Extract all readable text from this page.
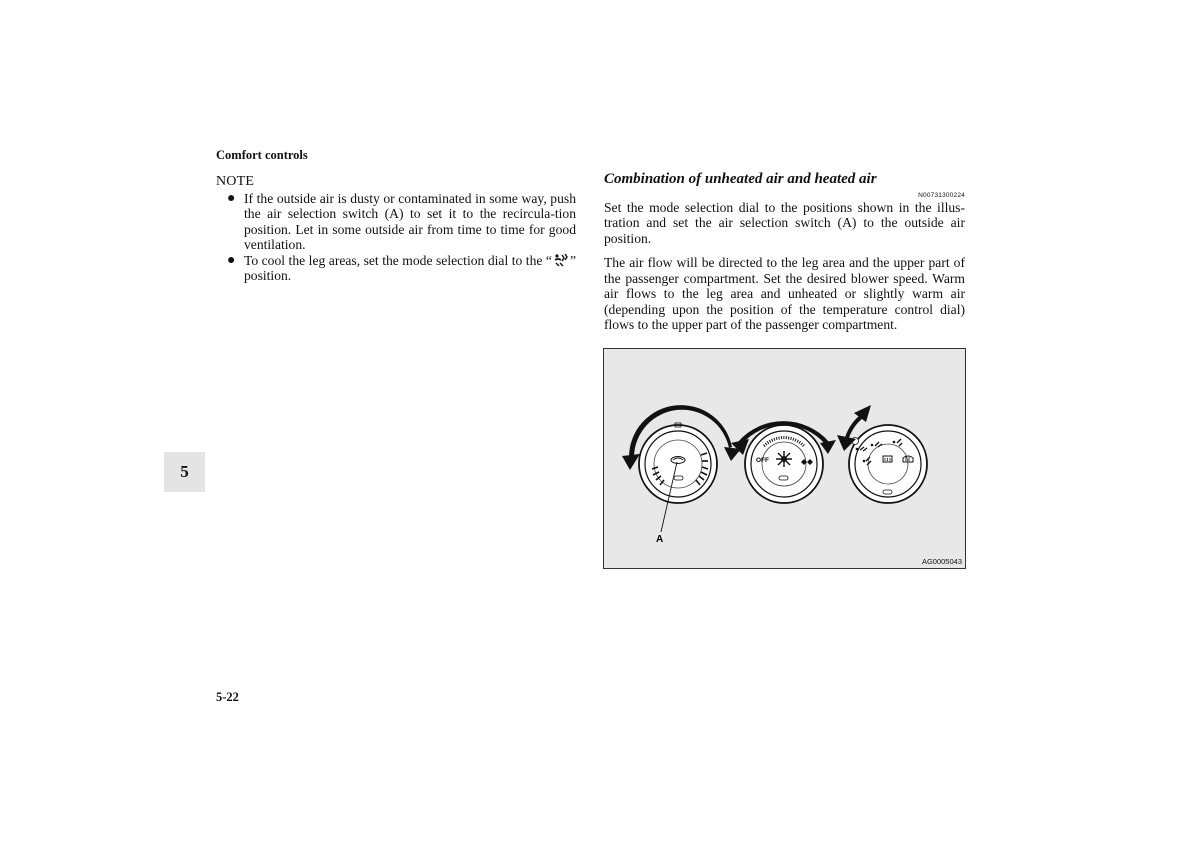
Comfort controls
5
NOTE
● If the outside air is dusty or contaminated in some way, push the air selection switch (A) to set it to the recircula-tion position. Let in some outside air from time to time for good ventilation.
● To cool the leg areas, set the mode selection dial to the “ ” position.
Combination of unheated air and heated air
N00731300224

Set the mode selection dial to the positions shown in the illus-tration and set the air selection switch (A) to the outside air position.

The air flow will be directed to the leg area and the upper part of the passenger compartment. Set the desired blower speed. Warm air flows to the leg area and unheated or slightly warm air (depending upon the position of the temperature control dial) flows to the upper part of the passenger compartment.

OFF
A
AG0005043
5-22
